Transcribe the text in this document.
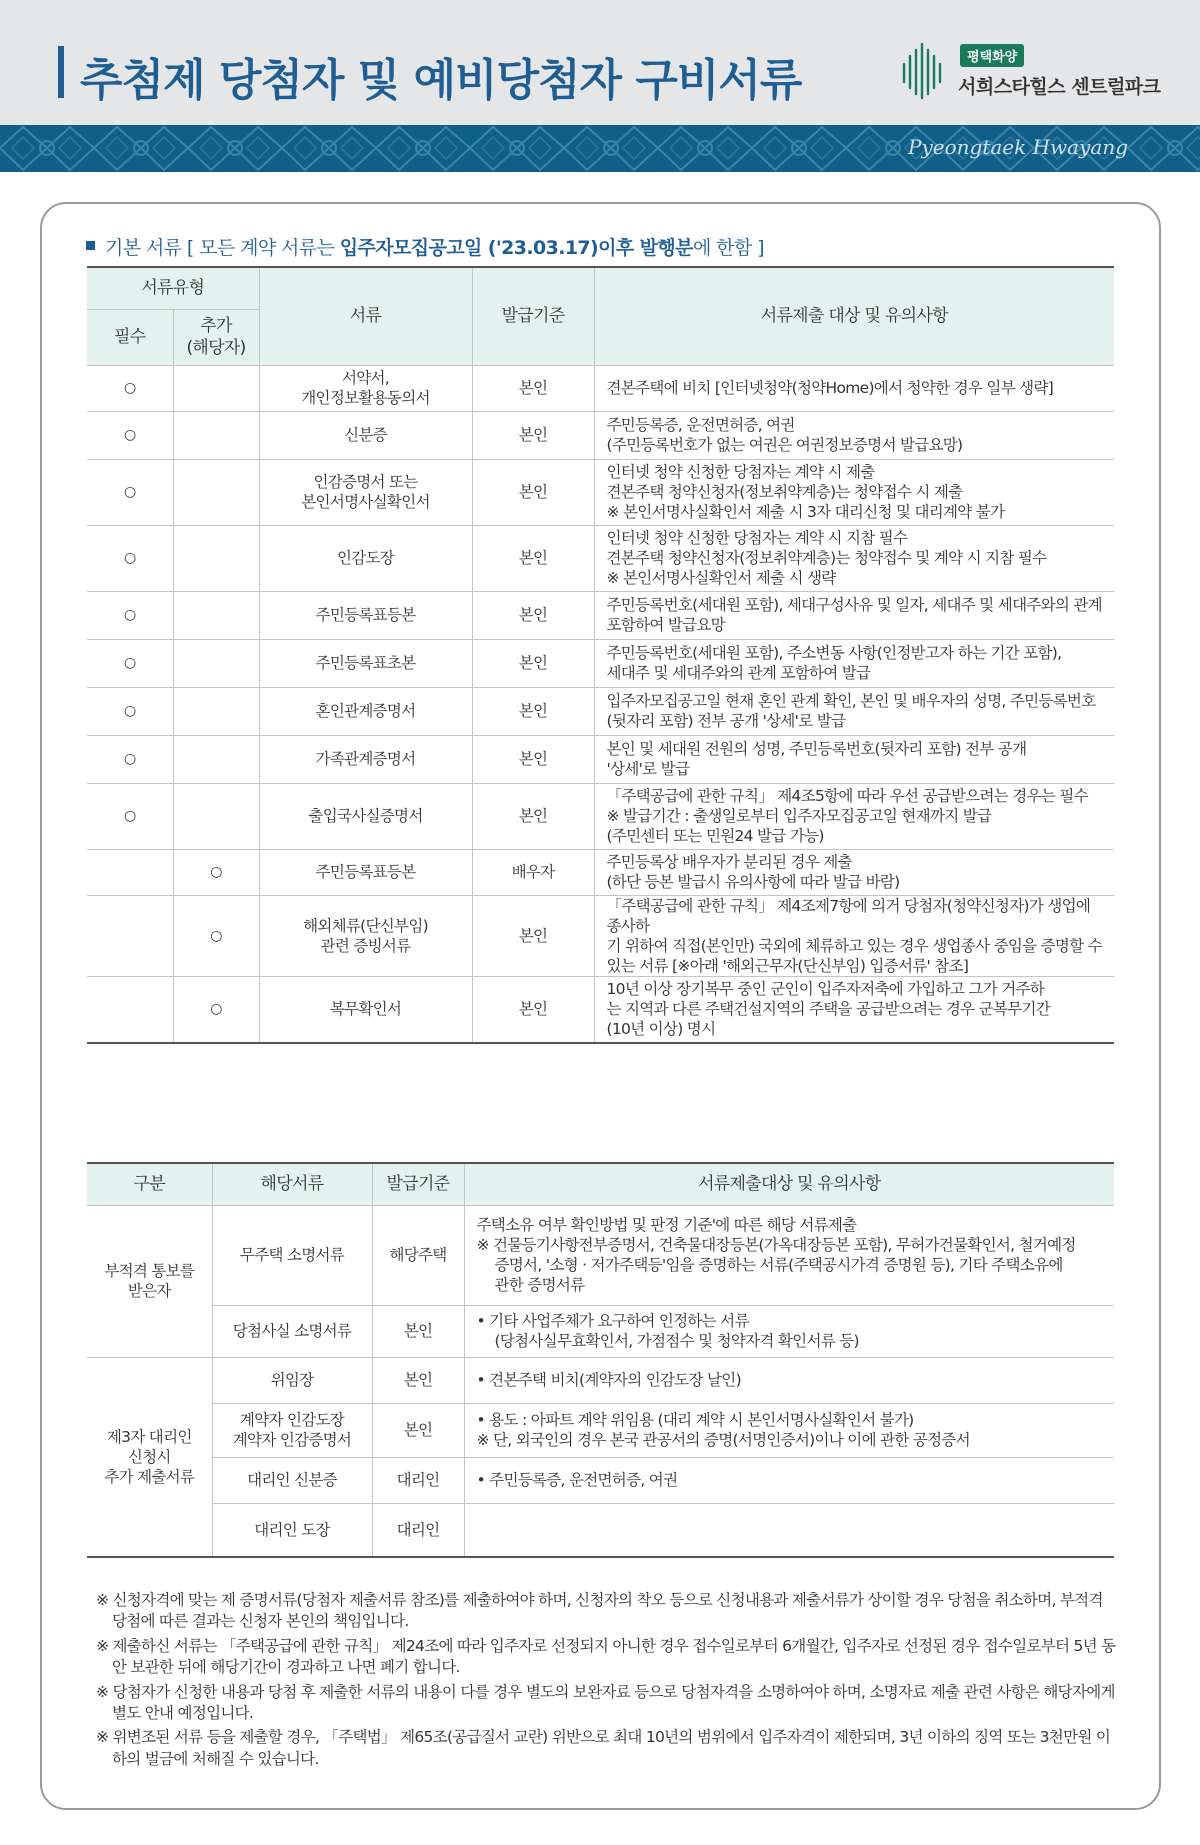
추첨제 당첨자 및 예비당첨자 구비서류	평택화양
서희스타힐스 센트럴파크
Pyeongtaek Hwayang
기본 서류 [ 모든 계약 서류는 입주자모집공고일 ('23.03.17)이후 발행분에 한함 ]
서류유형		서류	발급기준	서류제출 대상 및 유의사항
필수	추가
(해당자)			
○		서약서,
개인정보활용동의서	본인	견본주택에 비치 [인터넷청약(청약Home)에서 청약한 경우 일부 생략]
○		신분증	본인	주민등록증, 운전면허증, 여권
(주민등록번호가 없는 여권은 여권정보증명서 발급요망)
○		인감증명서 또는
본인서명사실확인서	본인	인터넷 청약 신청한 당첨자는 계약 시 제출
견본주택 청약신청자(정보취약계층)는 청약접수 시 제출
※ 본인서명사실확인서 제출 시 3자 대리신청 및 대리계약 불가
○		인감도장	본인	인터넷 청약 신청한 당첨자는 계약 시 지참 필수
견본주택 청약신청자(정보취약계층)는 청약접수 및 계약 시 지참 필수
※ 본인서명사실확인서 제출 시 생략
○		주민등록표등본	본인	주민등록번호(세대원 포함), 세대구성사유 및 일자, 세대주 및 세대주와의 관계
포함하여 발급요망
○		주민등록표초본	본인	주민등록번호(세대원 포함), 주소변동 사항(인정받고자 하는 기간 포함),
세대주 및 세대주와의 관계 포함하여 발급
○		혼인관계증명서	본인	입주자모집공고일 현재 혼인 관계 확인, 본인 및 배우자의 성명, 주민등록번호
(뒷자리 포함) 전부 공개 '상세'로 발급
○		가족관계증명서	본인	본인 및 세대원 전원의 성명, 주민등록번호(뒷자리 포함) 전부 공개
'상세'로 발급
○		출입국사실증명서	본인	「주택공급에 관한 규칙」 제4조5항에 따라 우선 공급받으려는 경우는 필수
※ 발급기간 : 출생일로부터 입주자모집공고일 현재까지 발급
(주민센터 또는 민원24 발급 가능)
	○	주민등록표등본	배우자	주민등록상 배우자가 분리된 경우 제출
(하단 등본 발급시 유의사항에 따라 발급 바람)
	○	해외체류(단신부임)
관련 증빙서류	본인	「주택공급에 관한 규칙」 제4조제7항에 의거 당첨자(청약신청자)가 생업에 종사하
기 위하여 직접(본인만) 국외에 체류하고 있는 경우 생업종사 중임을 증명할 수
있는 서류 [※아래 '해외근무자(단신부임) 입증서류' 참조]
	○	복무확인서	본인	10년 이상 장기복무 중인 군인이 입주자저축에 가입하고 그가 거주하
는 지역과 다른 주택건설지역의 주택을 공급받으려는 경우 군복무기간
(10년 이상) 명시
구분	해당서류	발급기준	서류제출대상 및 유의사항
부적격 통보를
받은자	무주택 소명서류	해당주택	주택소유 여부 확인방법 및 판정 기준'에 따른 해당 서류제출
※ 건물등기사항전부증명서, 건축물대장등본(가옥대장등본 포함), 무허가건물확인서, 철거예정
증명서, '소형 · 저가주택등'임을 증명하는 서류(주택공시가격 증명원 등), 기타 주택소유에
관한 증명서류

	당첨사실 소명서류	본인	• 기타 사업주체가 요구하여 인정하는 서류
(당첨사실무효확인서, 가점점수 및 청약자격 확인서류 등)

제3자 대리인
신청시
추가 제출서류	위임장	본인	• 견본주택 비치(계약자의 인감도장 날인)
	계약자 인감도장
계약자 인감증명서	본인	• 용도 : 아파트 계약 위임용 (대리 계약 시 본인서명사실확인서 불가)
※ 단, 외국인의 경우 본국 관공서의 증명(서명인증서)이나 이에 관한 공정증서
	대리인 신분증	대리인	• 주민등록증, 운전면허증, 여권
	대리인 도장	대리인	

※ 신청자격에 맞는 제 증명서류(당첨자 제출서류 참조)를 제출하여야 하며, 신청자의 착오 등으로 신청내용과 제출서류가 상이할 경우 당첨을 취소하며, 부적격 당첨에 따른 결과는 신청자 본인의 책임입니다.

※ 제출하신 서류는 「주택공급에 관한 규칙」 제24조에 따라 입주자로 선정되지 아니한 경우 접수일로부터 6개월간, 입주자로 선정된 경우 접수일로부터 5년 동안 보관한 뒤에 해당기간이 경과하고 나면 폐기 합니다.

※ 당첨자가 신청한 내용과 당첨 후 제출한 서류의 내용이 다를 경우 별도의 보완자료 등으로 당첨자격을 소명하여야 하며, 소명자료 제출 관련 사항은 해당자에게 별도 안내 예정입니다.

※ 위변조된 서류 등을 제출할 경우, 「주택법」 제65조(공급질서 교란) 위반으로 최대 10년의 범위에서 입주자격이 제한되며, 3년 이하의 징역 또는 3천만원 이하의 벌금에 처해질 수 있습니다.
